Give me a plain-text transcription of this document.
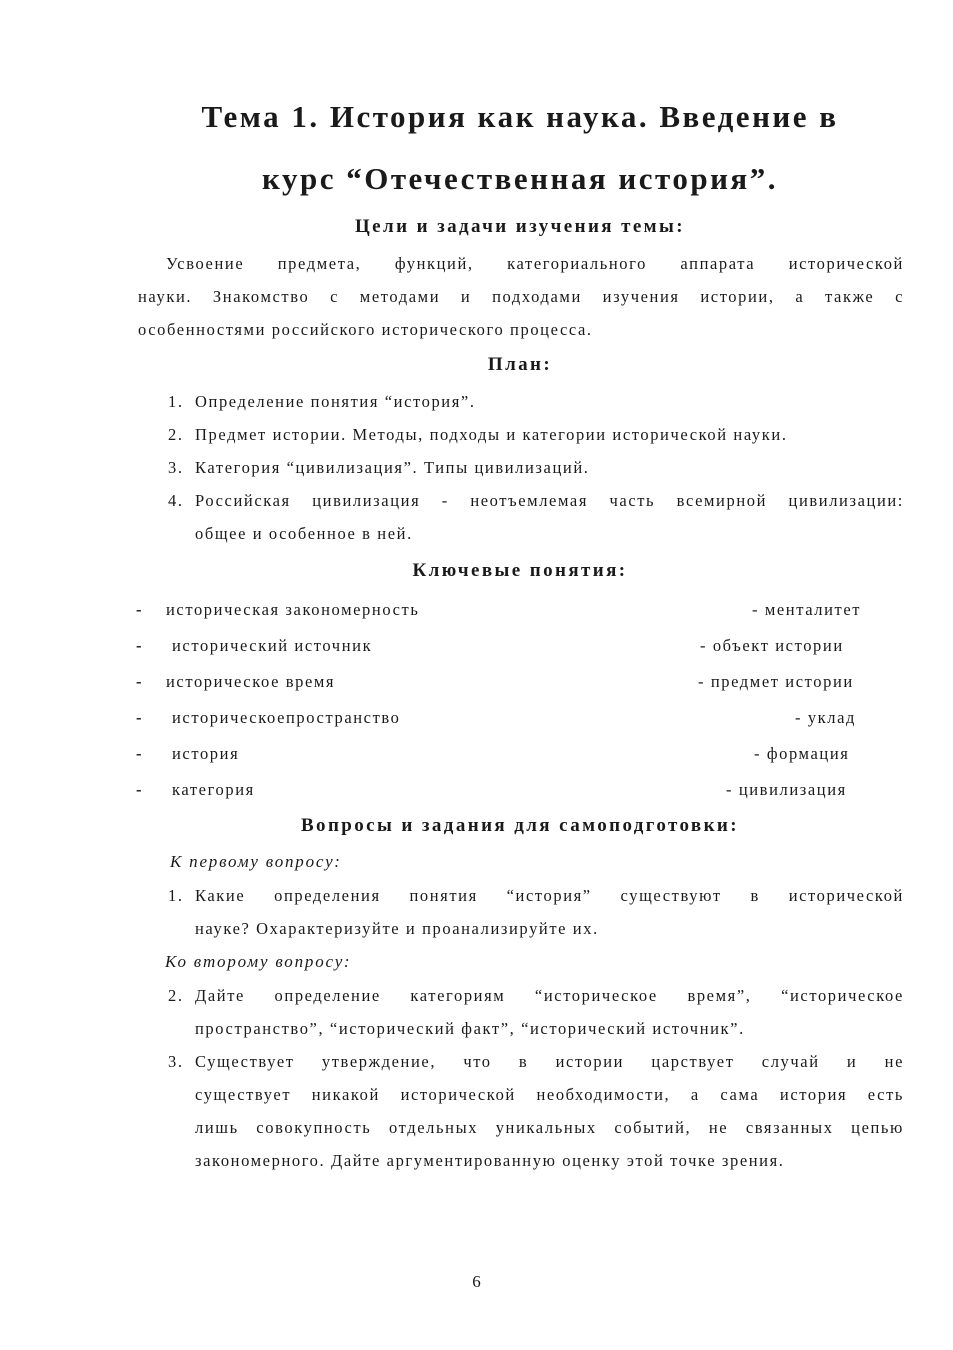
Тема 1. История как наука. Введение в
курс “Отечественная история”.
Цели и задачи изучения темы:
Усвоение предмета, функций, категориального аппарата исторической
науки. Знакомство с методами и подходами изучения истории, а также с
особенностями российского исторического процесса.
План:
1. Определение понятия “история”.
2. Предмет истории. Методы, подходы и категории исторической науки.
3. Категория “цивилизация”. Типы цивилизаций.
4. Российская цивилизация - неотъемлемая часть всемирной цивилизации:
общее и особенное в ней.
Ключевые понятия:
- историческая закономерность	- менталитет
- исторический источник	- объект истории
- историческое время	- предмет истории
- историческоепространство	- уклад
- история	- формация
- категория	- цивилизация
Вопросы и задания для самоподготовки:

К первому вопросу:

1. Какие определения понятия “история” существуют в исторической
науке? Охарактеризуйте и проанализируйте их.

Ко второму вопросу:

2. Дайте определение категориям “историческое время”, “историческое
пространство”, “исторический факт”, “исторический источник”.
3. Существует утверждение, что в истории царствует случай и не
существует никакой исторической необходимости, а сама история есть
лишь совокупность отдельных уникальных событий, не связанных цепью
закономерного. Дайте аргументированную оценку этой точке зрения.
6
